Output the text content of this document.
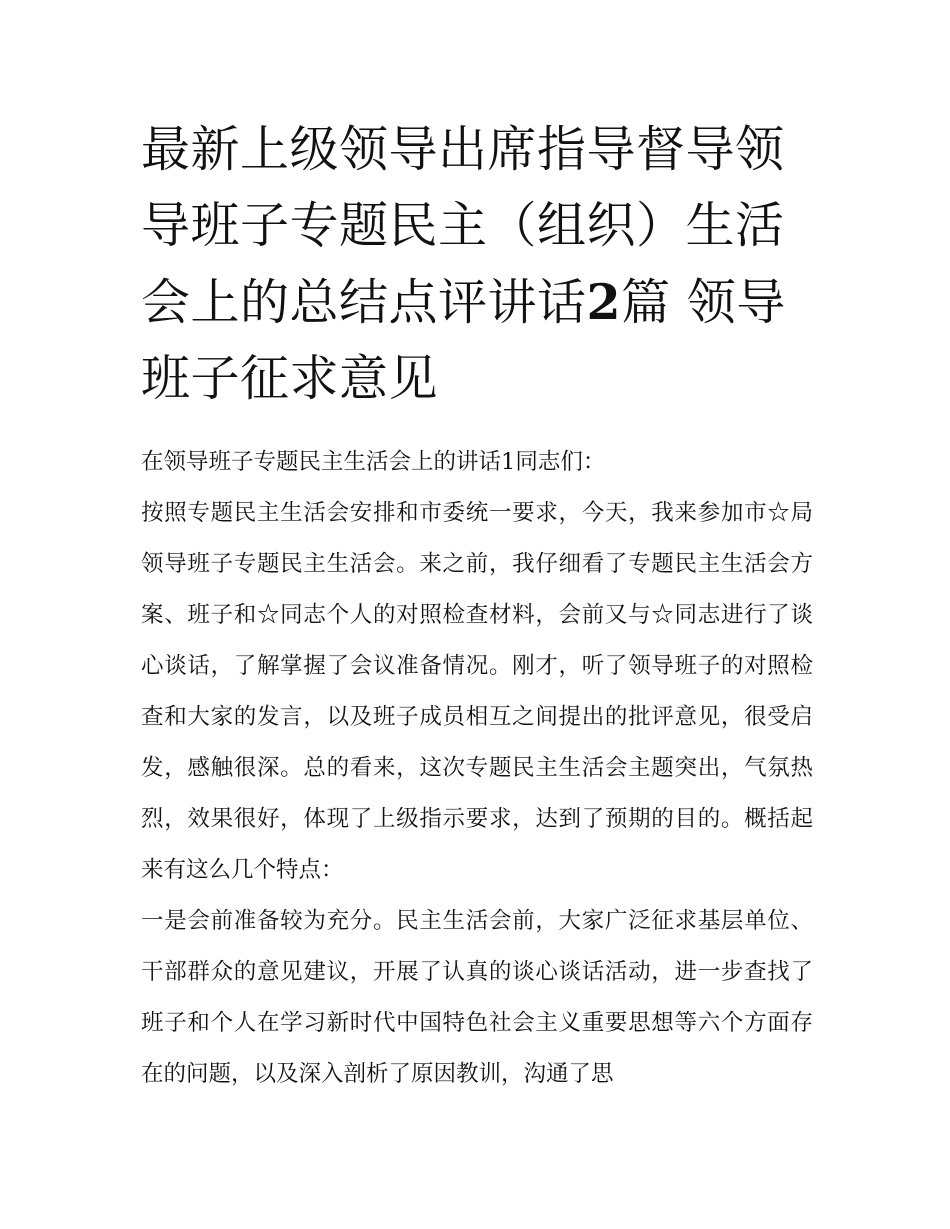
最新上级领导出席指导督导领导班子专题民主（组织）生活会上的总结点评讲话2篇 领导班子征求意见

在领导班子专题民主生活会上的讲话1同志们：

按照专题民主生活会安排和市委统一要求，今天，我来参加市☆局领导班子专题民主生活会。来之前，我仔细看了专题民主生活会方案、班子和☆同志个人的对照检查材料，会前又与☆同志进行了谈心谈话，了解掌握了会议准备情况。刚才，听了领导班子的对照检查和大家的发言，以及班子成员相互之间提出的批评意见，很受启发，感触很深。总的看来，这次专题民主生活会主题突出，气氛热烈，效果很好，体现了上级指示要求，达到了预期的目的。概括起来有这么几个特点：

一是会前准备较为充分。民主生活会前，大家广泛征求基层单位、干部群众的意见建议，开展了认真的谈心谈话活动，进一步查找了班子和个人在学习新时代中国特色社会主义重要思想等六个方面存在的问题，以及深入剖析了原因教训，沟通了思
